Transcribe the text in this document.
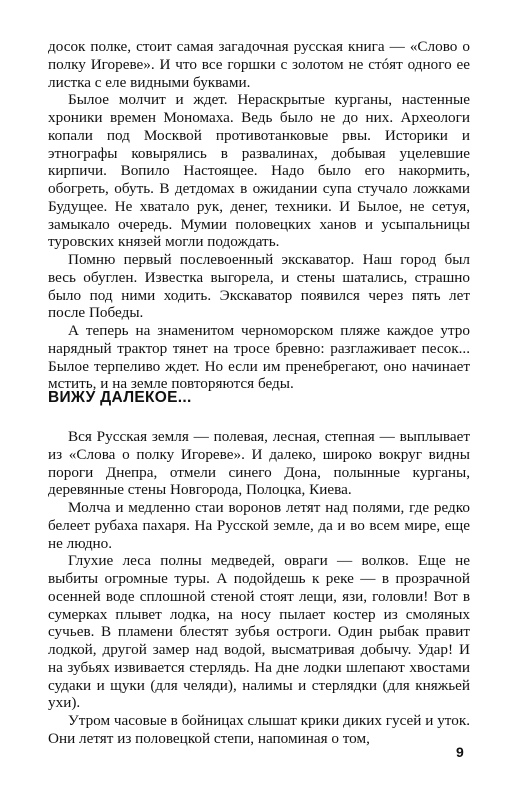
досок полке, стоит самая загадочная русская книга — «Слово о полку Игореве». И что все горшки с золотом не стóят одного ее листка с еле видными буквами.

Былое молчит и ждет. Нераскрытые курганы, настенные хроники времен Мономаха. Ведь было не до них. Археологи копали под Москвой противотанковые рвы. Историки и этнографы ковырялись в развалинах, добывая уцелевшие кирпичи. Вопило Настоящее. Надо было его накормить, обогреть, обуть. В детдомах в ожидании супа стучало ложками Будущее. Не хватало рук, денег, техники. И Былое, не сетуя, замыкало очередь. Мумии половецких ханов и усыпальницы туровских князей могли подождать.

Помню первый послевоенный экскаватор. Наш город был весь обуглен. Известка выгорела, и стены шатались, страшно было под ними ходить. Экскаватор появился через пять лет после Победы.

А теперь на знаменитом черноморском пляже каждое утро нарядный трактор тянет на тросе бревно: разглаживает песок... Былое терпеливо ждет. Но если им пренебрегают, оно начинает мстить, и на земле повторяются беды.

ВИЖУ ДАЛЕКОЕ...

Вся Русская земля — полевая, лесная, степная — выплывает из «Слова о полку Игореве». И далеко, широко вокруг видны пороги Днепра, отмели синего Дона, полынные курганы, деревянные стены Новгорода, Полоцка, Киева.

Молча и медленно стаи воронов летят над полями, где редко белеет рубаха пахаря. На Русской земле, да и во всем мире, еще не людно.

Глухие леса полны медведей, овраги — волков. Еще не выбиты огромные туры. А подойдешь к реке — в прозрачной осенней воде сплошной стеной стоят лещи, язи, головли! Вот в сумерках плывет лодка, на носу пылает костер из смоляных сучьев. В пламени блестят зубья остроги. Один рыбак правит лодкой, другой замер над водой, высматривая добычу. Удар! И на зубьях извивается стерлядь. На дне лодки шлепают хвостами судаки и щуки (для челяди), налимы и стерлядки (для княжьей ухи).

Утром часовые в бойницах слышат крики диких гусей и уток. Они летят из половецкой степи, напоминая о том,

9
